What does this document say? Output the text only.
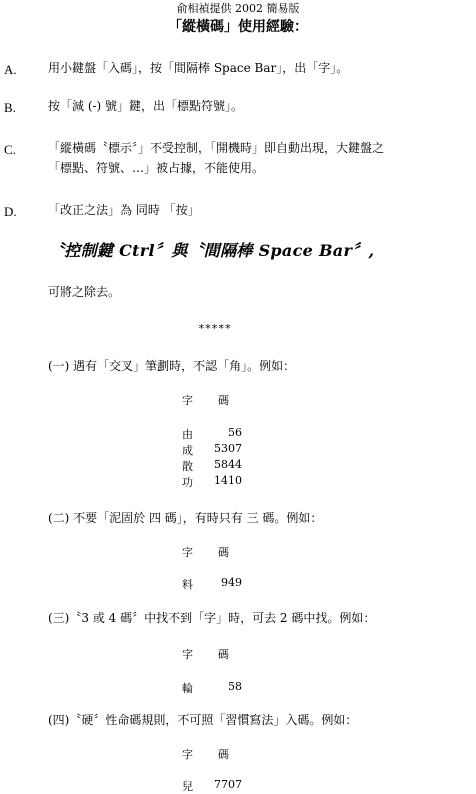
俞相禎提供 2002 簡易版
「縱橫碼」使用經驗：
A.	用小鍵盤「入碼」，按「間隔棒 Space Bar」，出「字」。
B.	按「減 (-) 號」鍵，出「標點符號」。
C.	「縱橫碼〝標示〞」不受控制，「開機時」即自動出現，大鍵盤之
「標點、符號、…」被占據，不能使用。
D.	「改正之法」為 同時 「按」
〝控制鍵 Ctrl〞與〝間隔棒 Space Bar〞,
可將之除去。
*****
(一) 遇有「交叉」筆劃時，不認「角」。例如：
字 碼
由	56
成	5307
散	5844
功	1410
(二) 不要「泥固於 四 碼」，有時只有 三 碼。例如：
字 碼
料	949
(三)〝3 或 4 碼〞中找不到「字」時，可去 2 碼中找。例如：
字 碼
輪	58
(四)〝硬〞性命碼規則，不可照「習慣寫法」入碼。例如：
字 碼
兒	7707
